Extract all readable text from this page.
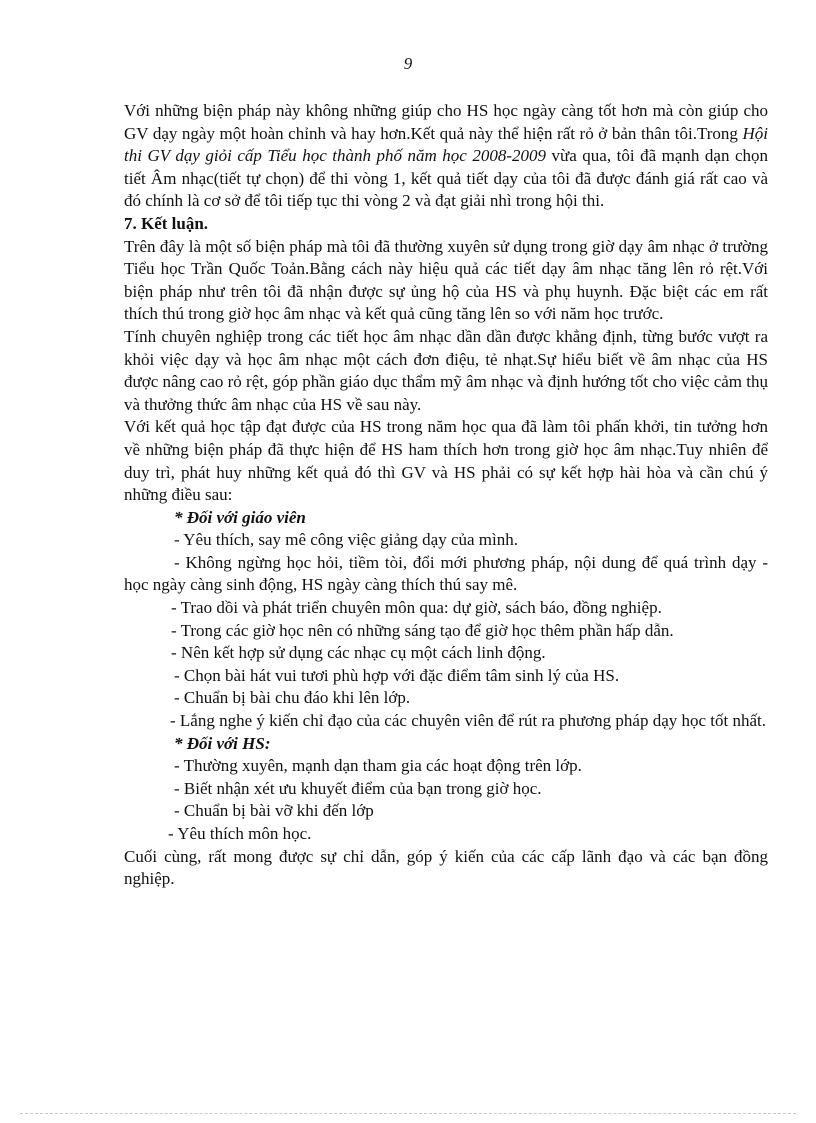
9

Với những biện pháp này không những giúp cho HS học ngày càng tốt hơn mà còn giúp cho GV dạy ngày một hoàn chỉnh và hay hơn.Kết quả này thể hiện rất rỏ ở bản thân tôi.Trong Hội thi GV dạy giỏi cấp Tiểu học thành phố năm học 2008-2009 vừa qua, tôi đã mạnh dạn chọn tiết Âm nhạc(tiết tự chọn) để thi vòng 1, kết quả tiết dạy của tôi đã được đánh giá rất cao và đó chính là cơ sở để tôi tiếp tục thi vòng 2 và đạt giải nhì trong hội thi.

7. Kết luận.

Trên đây là một số biện pháp mà tôi đã thường xuyên sử dụng trong giờ dạy âm nhạc ở trường Tiểu học Trần Quốc Toản.Bằng cách này hiệu quả các tiết dạy âm nhạc tăng lên rỏ rệt.Với biện pháp như trên tôi đã nhận được sự ủng hộ của HS và phụ huynh. Đặc biệt các em rất thích thú trong giờ học âm nhạc và kết quả cũng tăng lên so với năm học trước.

Tính chuyên nghiệp trong các tiết học âm nhạc dần dần được khẳng định, từng bước vượt ra khỏi việc dạy và học âm nhạc một cách đơn điệu, tẻ nhạt.Sự hiểu biết về âm nhạc của HS được nâng cao rỏ rệt, góp phần giáo dục thẩm mỹ âm nhạc và định hướng tốt cho việc cảm thụ và thưởng thức âm nhạc của HS về sau này.

Với kết quả học tập đạt được của HS trong năm học qua đã làm tôi phấn khởi, tin tưởng hơn về những biện pháp đã thực hiện để HS ham thích hơn trong giờ học âm nhạc.Tuy nhiên để duy trì, phát huy những kết quả đó thì GV và HS phải có sự kết hợp hài hòa và cần chú ý những điều sau:

* Đối với giáo viên

- Yêu thích, say mê công việc giảng dạy của mình.

- Không ngừng học hỏi, tiềm tòi, đổi mới phương pháp, nội dung để quá trình dạy - học ngày càng sinh động, HS ngày càng thích thú say mê.

- Trao dồi và phát triển chuyên môn qua: dự giờ, sách báo, đồng nghiệp.

- Trong các giờ học nên có những sáng tạo để giờ học thêm phần hấp dẫn.

- Nên kết hợp sử dụng các nhạc cụ một cách linh động.

- Chọn bài hát vui tươi phù hợp với đặc điểm tâm sinh lý của HS.

- Chuẩn bị bài chu đáo khi lên lớp.

- Lắng nghe ý kiến chỉ đạo của các chuyên viên để rút ra phương pháp dạy học tốt nhất.

* Đối với HS:

- Thường xuyên, mạnh dạn tham gia các hoạt động trên lớp.

- Biết nhận xét ưu khuyết điểm của bạn trong giờ học.

- Chuẩn bị bài vỡ khi đến lớp

- Yêu thích môn học.

Cuối cùng, rất mong được sự chỉ dẫn, góp ý kiến của các cấp lãnh đạo và các bạn đồng nghiệp.
